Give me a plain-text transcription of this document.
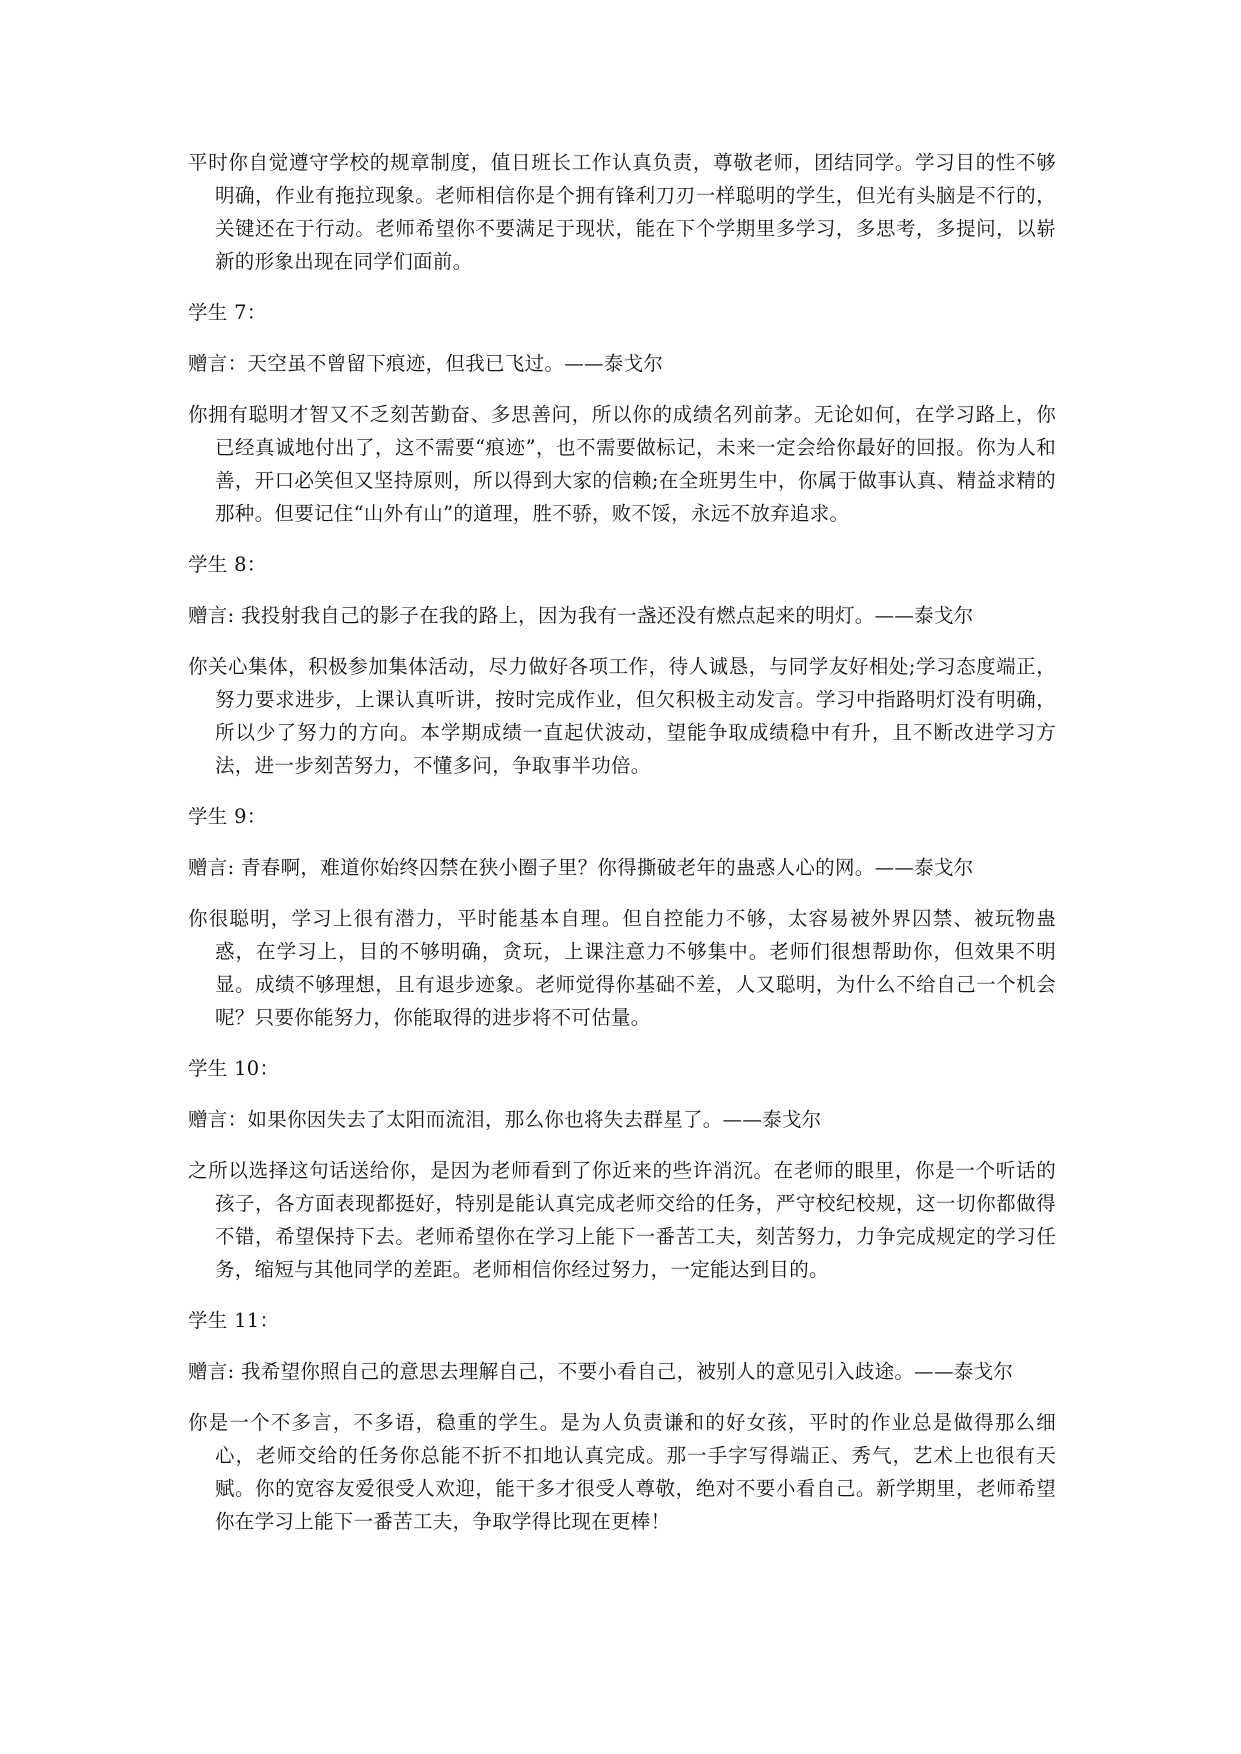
平时你自觉遵守学校的规章制度，值日班长工作认真负责，尊敬老师，团结同学。学习目的性不够明确，作业有拖拉现象。老师相信你是个拥有锋利刀刃一样聪明的学生，但光有头脑是不行的，关键还在于行动。老师希望你不要满足于现状，能在下个学期里多学习，多思考，多提问，以崭新的形象出现在同学们面前。

学生 7：

赠言：天空虽不曾留下痕迹，但我已飞过。——泰戈尔

你拥有聪明才智又不乏刻苦勤奋、多思善问，所以你的成绩名列前茅。无论如何，在学习路上，你已经真诚地付出了，这不需要“痕迹”，也不需要做标记，未来一定会给你最好的回报。你为人和善，开口必笑但又坚持原则，所以得到大家的信赖;在全班男生中，你属于做事认真、精益求精的那种。但要记住“山外有山”的道理，胜不骄，败不馁，永远不放弃追求。

学生 8：

赠言: 我投射我自己的影子在我的路上，因为我有一盏还没有燃点起来的明灯。——泰戈尔

你关心集体，积极参加集体活动，尽力做好各项工作，待人诚恳，与同学友好相处;学习态度端正，努力要求进步，上课认真听讲，按时完成作业，但欠积极主动发言。学习中指路明灯没有明确，所以少了努力的方向。本学期成绩一直起伏波动，望能争取成绩稳中有升，且不断改进学习方法，进一步刻苦努力，不懂多问，争取事半功倍。

学生 9：

赠言: 青春啊，难道你始终囚禁在狭小圈子里？你得撕破老年的蛊惑人心的网。——泰戈尔

你很聪明，学习上很有潜力，平时能基本自理。但自控能力不够，太容易被外界囚禁、被玩物蛊惑，在学习上，目的不够明确，贪玩，上课注意力不够集中。老师们很想帮助你，但效果不明显。成绩不够理想，且有退步迹象。老师觉得你基础不差，人又聪明，为什么不给自己一个机会呢？只要你能努力，你能取得的进步将不可估量。

学生 10：

赠言：如果你因失去了太阳而流泪，那么你也将失去群星了。——泰戈尔

之所以选择这句话送给你，是因为老师看到了你近来的些许消沉。在老师的眼里，你是一个听话的孩子，各方面表现都挺好，特别是能认真完成老师交给的任务，严守校纪校规，这一切你都做得不错，希望保持下去。老师希望你在学习上能下一番苦工夫，刻苦努力，力争完成规定的学习任务，缩短与其他同学的差距。老师相信你经过努力，一定能达到目的。

学生 11：

赠言: 我希望你照自己的意思去理解自己，不要小看自己，被别人的意见引入歧途。——泰戈尔

你是一个不多言，不多语，稳重的学生。是为人负责谦和的好女孩，平时的作业总是做得那么细心，老师交给的任务你总能不折不扣地认真完成。那一手字写得端正、秀气，艺术上也很有天赋。你的宽容友爱很受人欢迎，能干多才很受人尊敬，绝对不要小看自己。新学期里，老师希望你在学习上能下一番苦工夫，争取学得比现在更棒！
